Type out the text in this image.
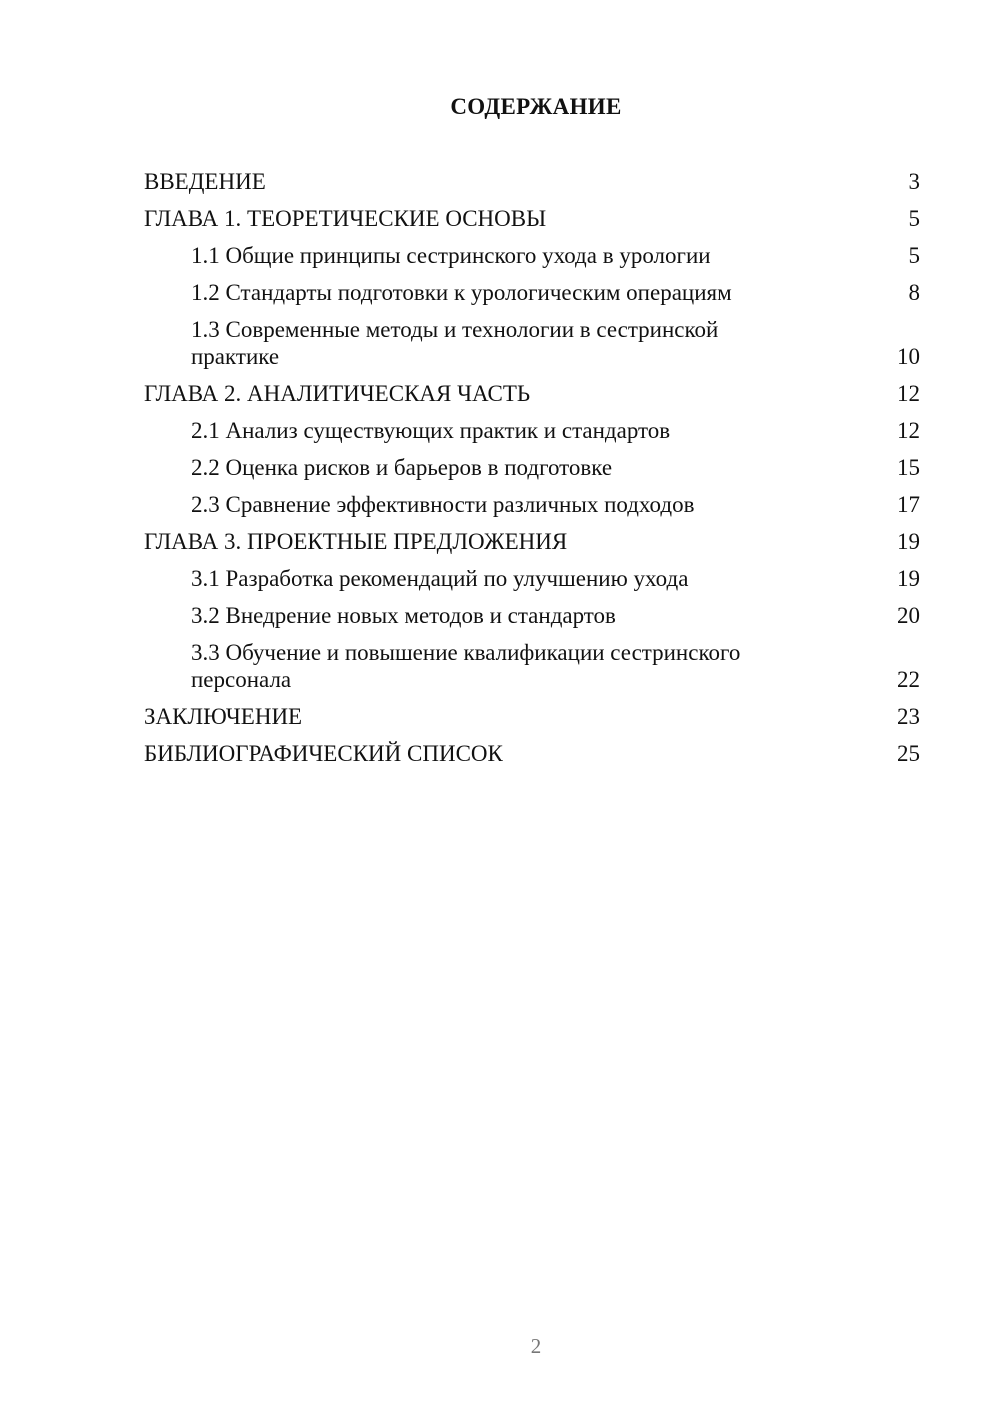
СОДЕРЖАНИЕ
ВВЕДЕНИЕ	3
ГЛАВА 1. ТЕОРЕТИЧЕСКИЕ ОСНОВЫ	5
1.1 Общие принципы сестринского ухода в урологии	5
1.2 Стандарты подготовки к урологическим операциям	8
1.3 Современные методы и технологии в сестринской практике	10
ГЛАВА 2. АНАЛИТИЧЕСКАЯ ЧАСТЬ	12
2.1 Анализ существующих практик и стандартов	12
2.2 Оценка рисков и барьеров в подготовке	15
2.3 Сравнение эффективности различных подходов	17
ГЛАВА 3. ПРОЕКТНЫЕ ПРЕДЛОЖЕНИЯ	19
3.1 Разработка рекомендаций по улучшению ухода	19
3.2 Внедрение новых методов и стандартов	20
3.3 Обучение и повышение квалификации сестринского персонала	22
ЗАКЛЮЧЕНИЕ	23
БИБЛИОГРАФИЧЕСКИЙ СПИСОК	25
2
